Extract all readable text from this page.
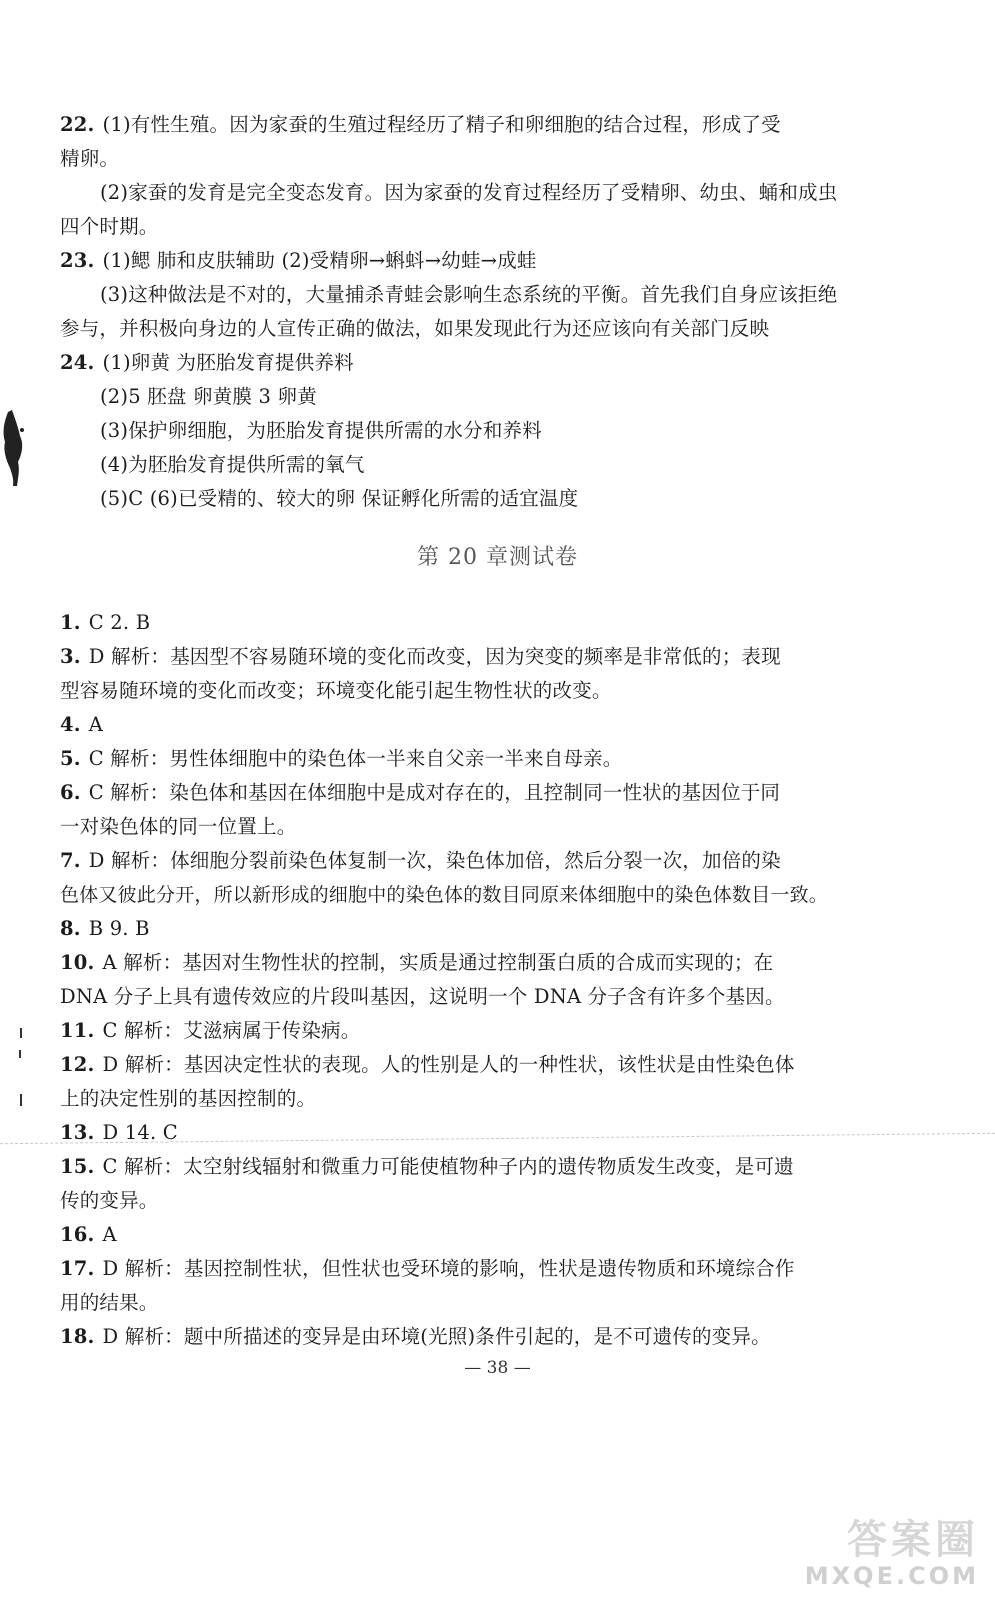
22. (1)有性生殖。因为家蚕的生殖过程经历了精子和卵细胞的结合过程，形成了受
精卵。
(2)家蚕的发育是完全变态发育。因为家蚕的发育过程经历了受精卵、幼虫、蛹和成虫
四个时期。
23. (1)鳃 肺和皮肤辅助 (2)受精卵→蝌蚪→幼蛙→成蛙
(3)这种做法是不对的，大量捕杀青蛙会影响生态系统的平衡。首先我们自身应该拒绝
参与，并积极向身边的人宣传正确的做法，如果发现此行为还应该向有关部门反映
24. (1)卵黄 为胚胎发育提供养料
(2)5 胚盘 卵黄膜 3 卵黄
(3)保护卵细胞，为胚胎发育提供所需的水分和养料
(4)为胚胎发育提供所需的氧气
(5)C (6)已受精的、较大的卵 保证孵化所需的适宜温度
第 20 章测试卷
1. C 2. B
3. D 解析：基因型不容易随环境的变化而改变，因为突变的频率是非常低的；表现
型容易随环境的变化而改变；环境变化能引起生物性状的改变。
4. A
5. C 解析：男性体细胞中的染色体一半来自父亲一半来自母亲。
6. C 解析：染色体和基因在体细胞中是成对存在的，且控制同一性状的基因位于同
一对染色体的同一位置上。
7. D 解析：体细胞分裂前染色体复制一次，染色体加倍，然后分裂一次，加倍的染
色体又彼此分开，所以新形成的细胞中的染色体的数目同原来体细胞中的染色体数目一致。
8. B 9. B
10. A 解析：基因对生物性状的控制，实质是通过控制蛋白质的合成而实现的；在
DNA 分子上具有遗传效应的片段叫基因，这说明一个 DNA 分子含有许多个基因。
11. C 解析：艾滋病属于传染病。
12. D 解析：基因决定性状的表现。人的性别是人的一种性状，该性状是由性染色体
上的决定性别的基因控制的。
13. D 14. C
15. C 解析：太空射线辐射和微重力可能使植物种子内的遗传物质发生改变，是可遗
传的变异。
16. A
17. D 解析：基因控制性状，但性状也受环境的影响，性状是遗传物质和环境综合作
用的结果。
18. D 解析：题中所描述的变异是由环境(光照)条件引起的，是不可遗传的变异。
— 38 —
答案圈
MXQE.COM
